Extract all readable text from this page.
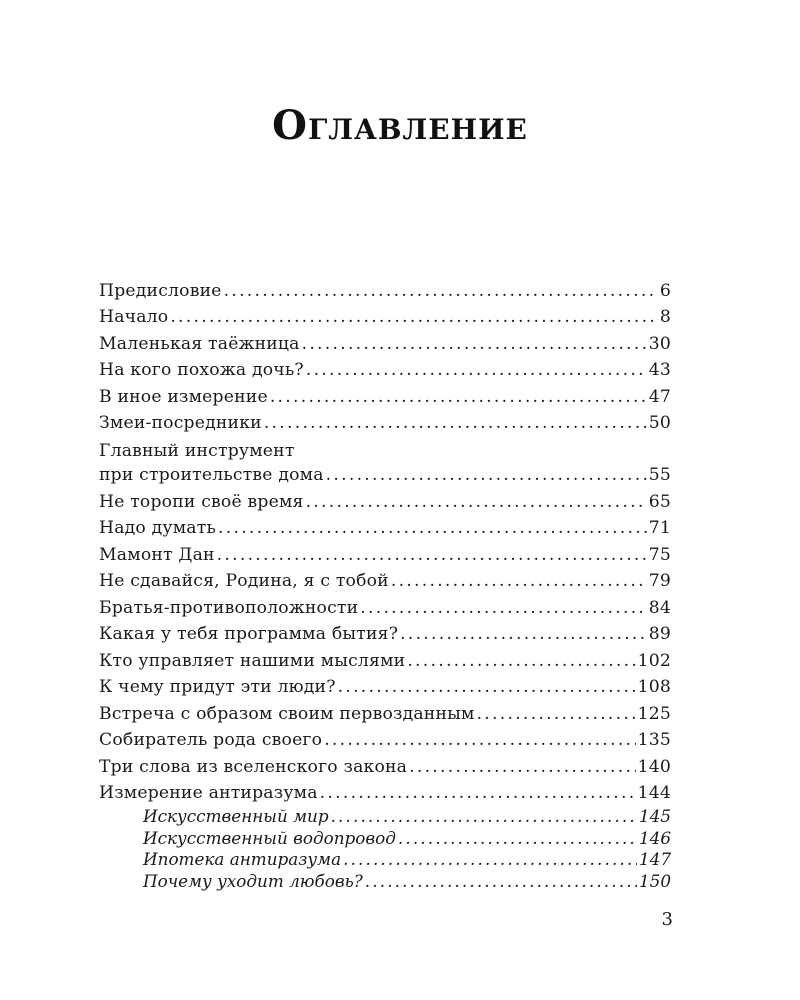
Оглавление
Предисловие . . .	6
Начало . . .	8
Маленькая таёжница . . .	30
На кого похожа дочь? . . .	43
В иное измерение . . .	47
Змеи-посредники . . .	50
Главный инструмент
при строительстве дома . . .	55
Не торопи своё время . . .	65
Надо думать . . .	71
Мамонт Дан . . .	75
Не сдавайся, Родина, я с тобой . . .	79
Братья-противоположности . . .	84
Какая у тебя программа бытия? . . .	89
Кто управляет нашими мыслями . . .	102
К чему придут эти люди? . . .	108
Встреча с образом своим первозданным . . .	125
Собиратель рода своего . . .	135
Три слова из вселенского закона . . .	140
Измерение антиразума . . .	144
Искусственный мир . . .	145
Искусственный водопровод . . .	146
Ипотека антиразума . . .	147
Почему уходит любовь? . . .	150
3
